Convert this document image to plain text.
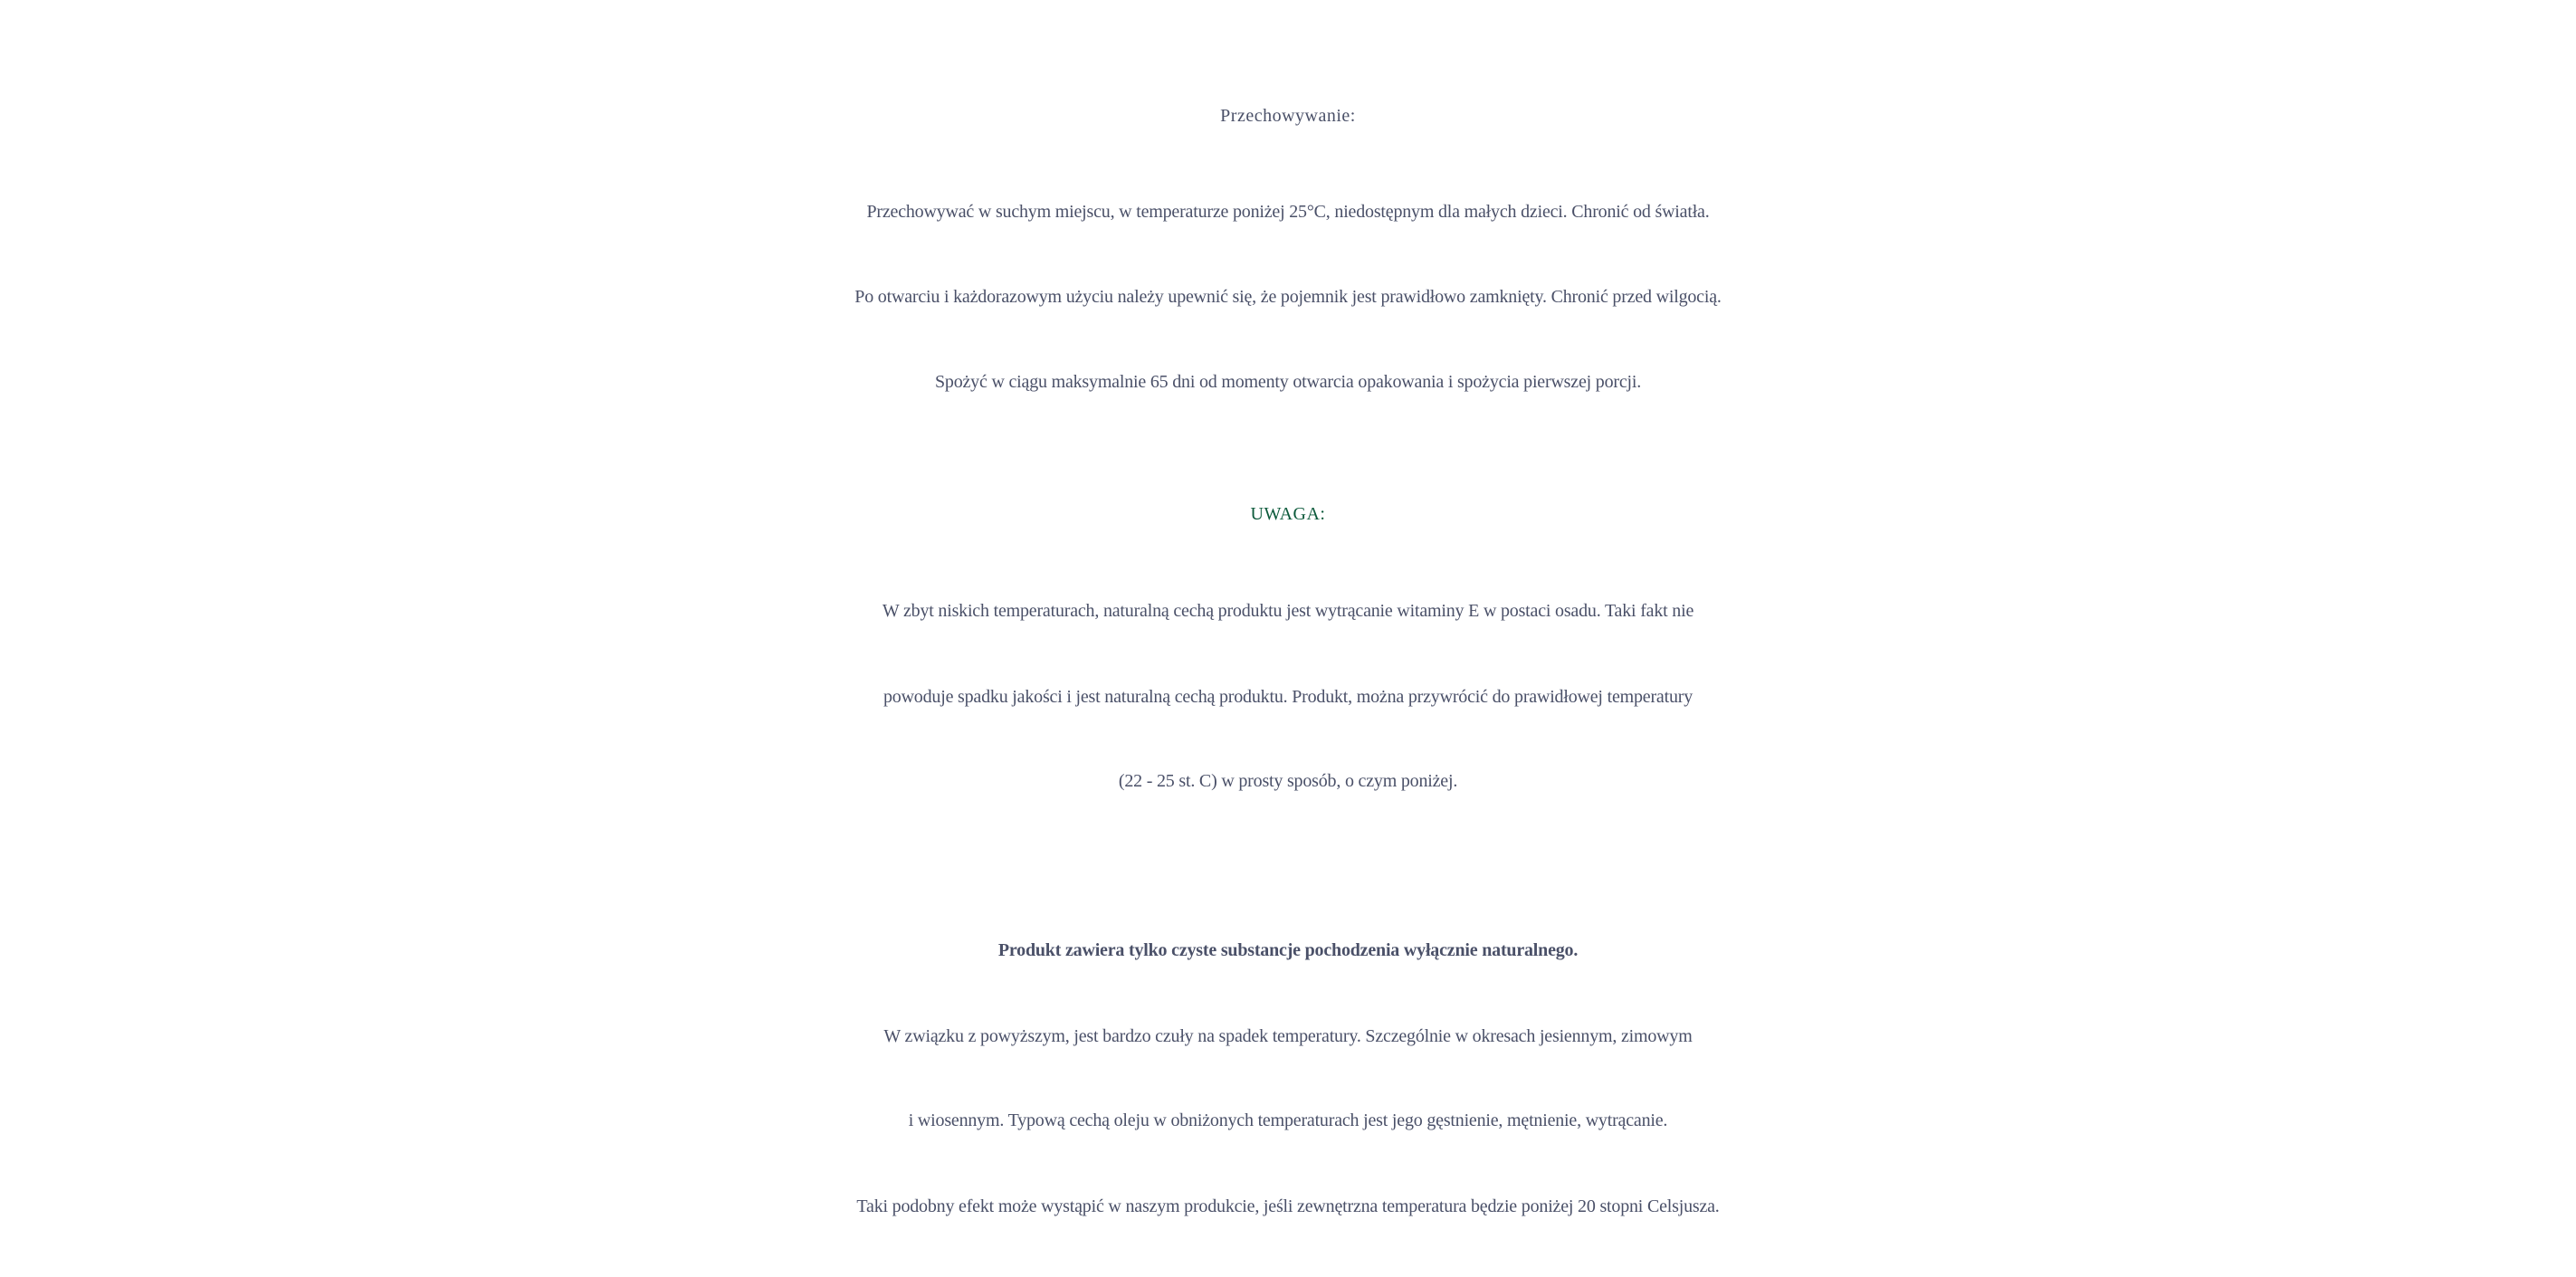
Przechowywanie:
Przechowywać w suchym miejscu, w temperaturze poniżej 25°C, niedostępnym dla małych dzieci. Chronić od światła.
Po otwarciu i każdorazowym użyciu należy upewnić się, że pojemnik jest prawidłowo zamknięty. Chronić przed wilgocią.
Spożyć w ciągu maksymalnie 65 dni od momenty otwarcia opakowania i spożycia pierwszej porcji.
UWAGA:
W zbyt niskich temperaturach, naturalną cechą produktu jest wytrącanie witaminy E w postaci osadu. Taki fakt nie
powoduje spadku jakości i jest naturalną cechą produktu. Produkt, można przywrócić do prawidłowej temperatury
(22 - 25 st. C) w prosty sposób, o czym poniżej.
Produkt zawiera tylko czyste substancje pochodzenia wyłącznie naturalnego.
W związku z powyższym, jest bardzo czuły na spadek temperatury. Szczególnie w okresach jesiennym, zimowym
i wiosennym. Typową cechą oleju w obniżonych temperaturach jest jego gęstnienie, mętnienie, wytrącanie.
Taki podobny efekt może wystąpić w naszym produkcie, jeśli zewnętrzna temperatura będzie poniżej 20 stopni Celsjusza.
